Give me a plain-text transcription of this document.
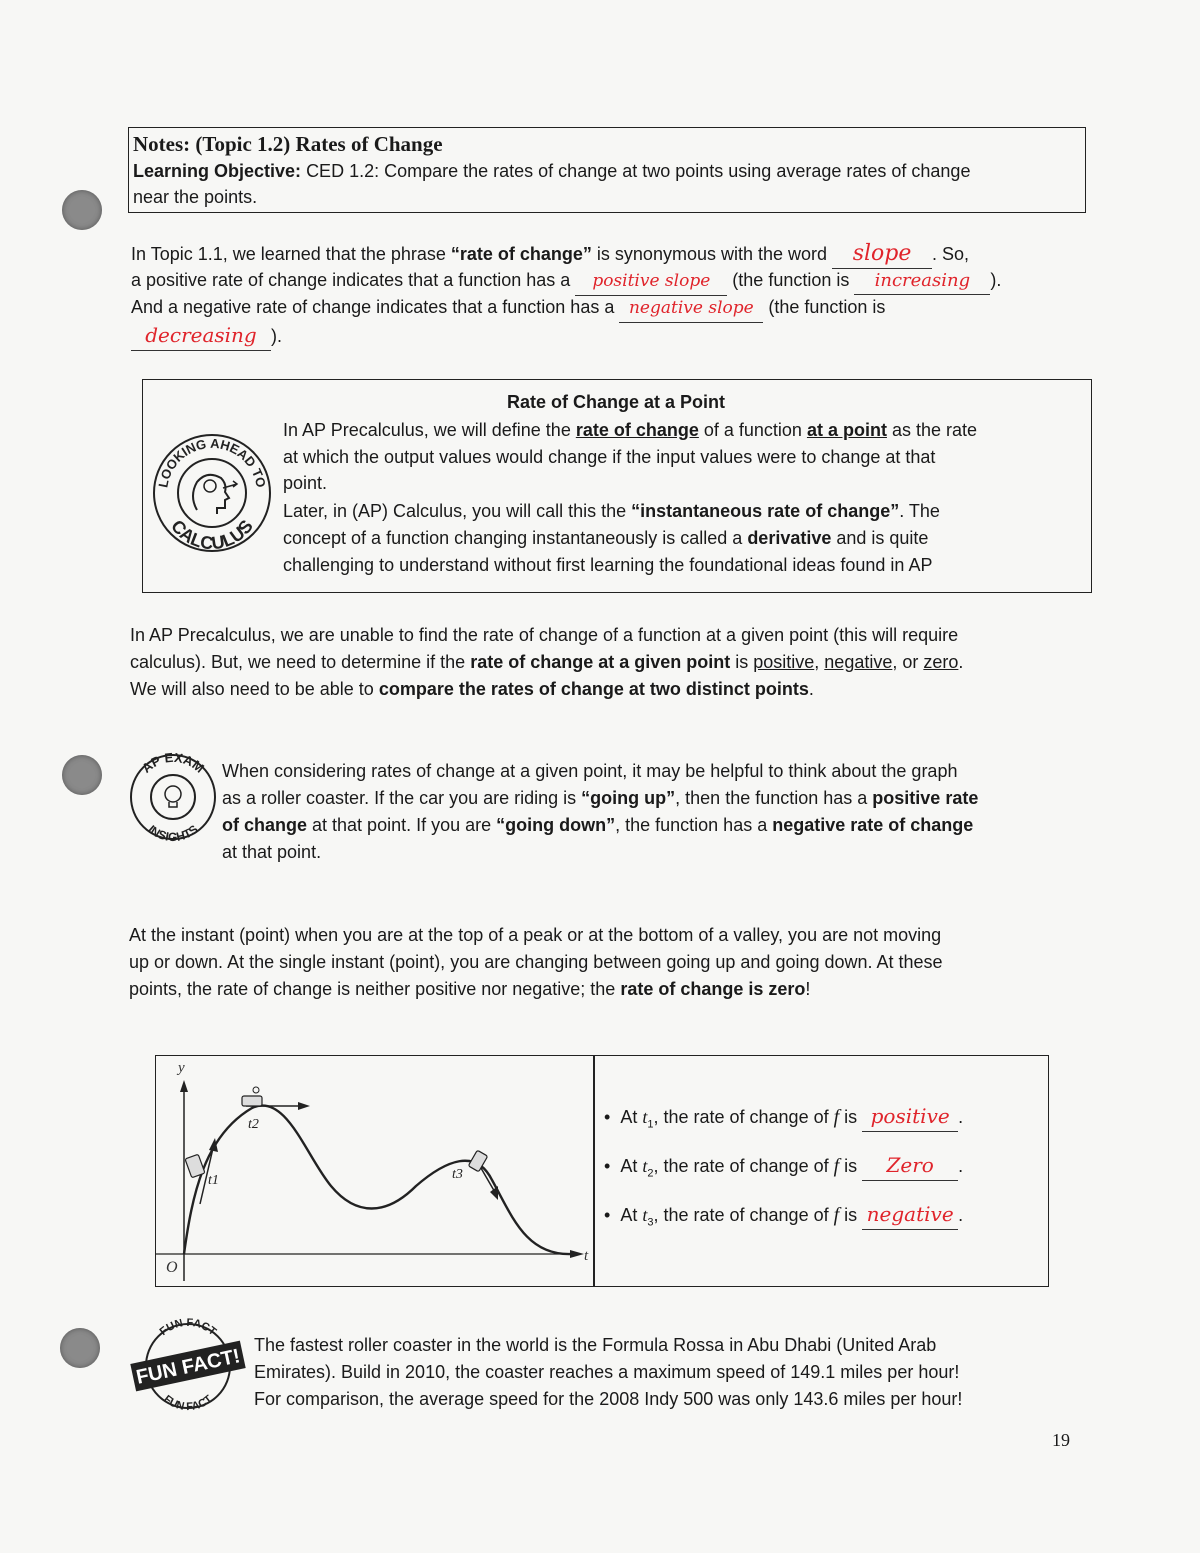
Notes: (Topic 1.2) Rates of Change
Learning Objective: CED 1.2: Compare the rates of change at two points using average rates of change
near the points.
In Topic 1.1, we learned that the phrase “rate of change” is synonymous with the word slope . So,
a positive rate of change indicates that a function has a positive slope (the function is increasing ).
And a negative rate of change indicates that a function has a negative slope (the function is
decreasing ).
LOOKING AHEAD TO
CALCULUS
Rate of Change at a Point
In AP Precalculus, we will define the rate of change of a function at a point as the rate
at which the output values would change if the input values were to change at that
point.
Later, in (AP) Calculus, you will call this the “instantaneous rate of change”. The
concept of a function changing instantaneously is called a derivative and is quite
challenging to understand without first learning the foundational ideas found in AP
In AP Precalculus, we are unable to find the rate of change of a function at a given point (this will require
calculus). But, we need to determine if the rate of change at a given point is positive, negative, or zero.
We will also need to be able to compare the rates of change at two distinct points.
AP EXAM
INSIGHTS
When considering rates of change at a given point, it may be helpful to think about the graph
as a roller coaster. If the car you are riding is “going up”, then the function has a positive rate
of change at that point. If you are “going down”, the function has a negative rate of change
at that point.
At the instant (point) when you are at the top of a peak or at the bottom of a valley, you are not moving
up or down. At the single instant (point), you are changing between going up and going down. At these
points, the rate of change is neither positive nor negative; the rate of change is zero!
y
t
O
t1
t2
t3
•  At $t_1$, the rate of change of f is positive .
•  At $t_2$, the rate of change of f is Zero .
•  At $t_3$, the rate of change of f is negative .
FUN FACT
FUN FACT
FUN FACT!
The fastest roller coaster in the world is the Formula Rossa in Abu Dhabi (United Arab
Emirates). Build in 2010, the coaster reaches a maximum speed of 149.1 miles per hour!
For comparison, the average speed for the 2008 Indy 500 was only 143.6 miles per hour!
19
